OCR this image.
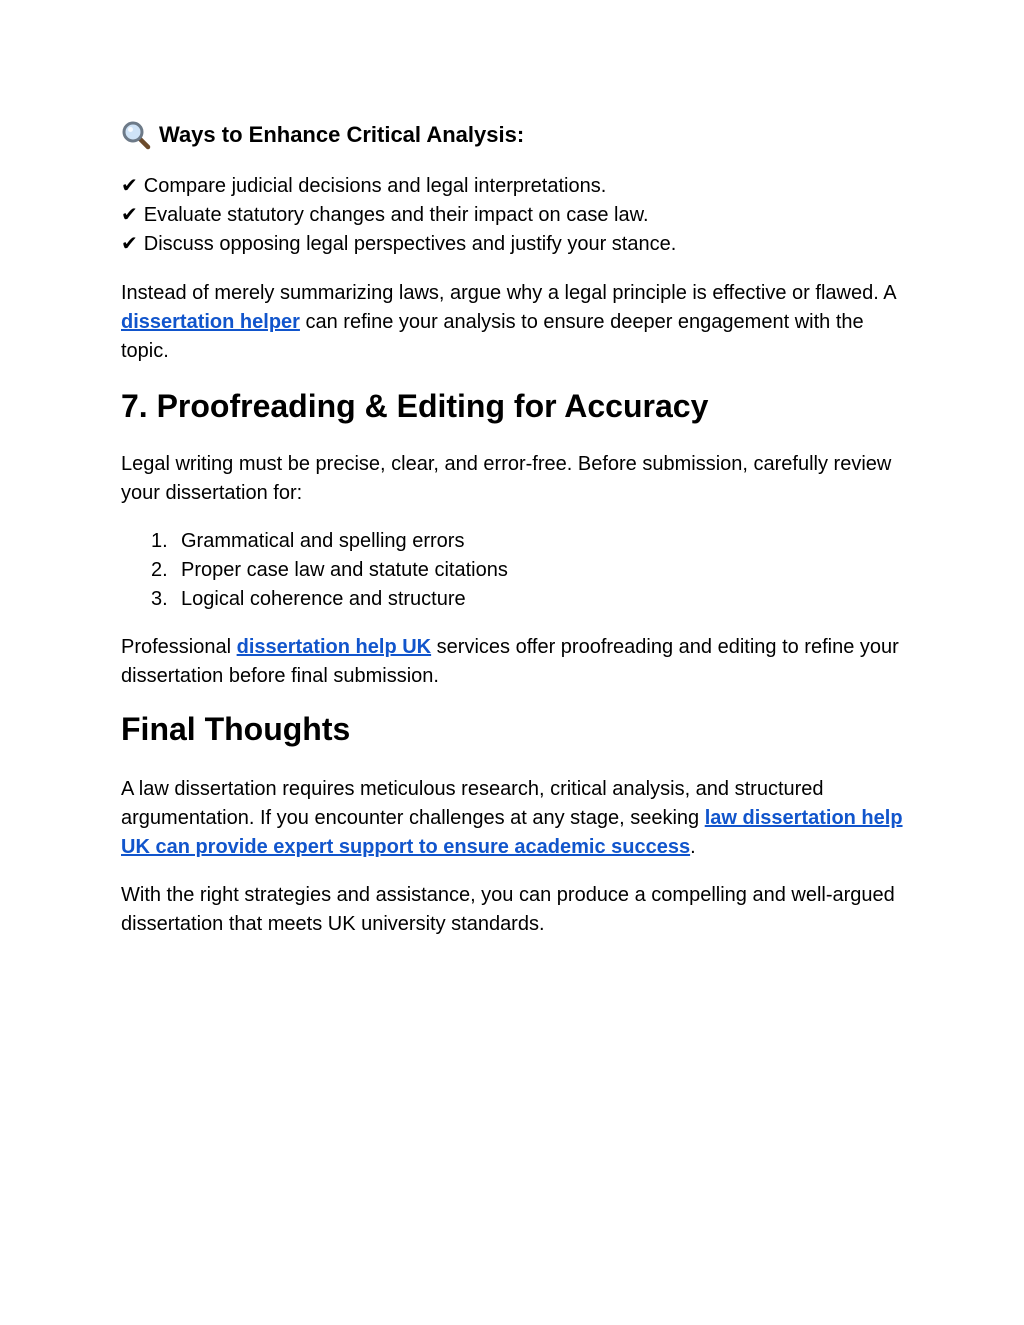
Ways to Enhance Critical Analysis:
✔ Compare judicial decisions and legal interpretations.
✔ Evaluate statutory changes and their impact on case law.
✔ Discuss opposing legal perspectives and justify your stance.

Instead of merely summarizing laws, argue why a legal principle is effective or flawed. A dissertation helper can refine your analysis to ensure deeper engagement with the topic.

7. Proofreading & Editing for Accuracy

Legal writing must be precise, clear, and error-free. Before submission, carefully review your dissertation for:

1. Grammatical and spelling errors
2. Proper case law and statute citations
3. Logical coherence and structure

Professional dissertation help UK services offer proofreading and editing to refine your dissertation before final submission.

Final Thoughts

A law dissertation requires meticulous research, critical analysis, and structured argumentation. If you encounter challenges at any stage, seeking law dissertation help UK can provide expert support to ensure academic success.

With the right strategies and assistance, you can produce a compelling and well-argued dissertation that meets UK university standards.
